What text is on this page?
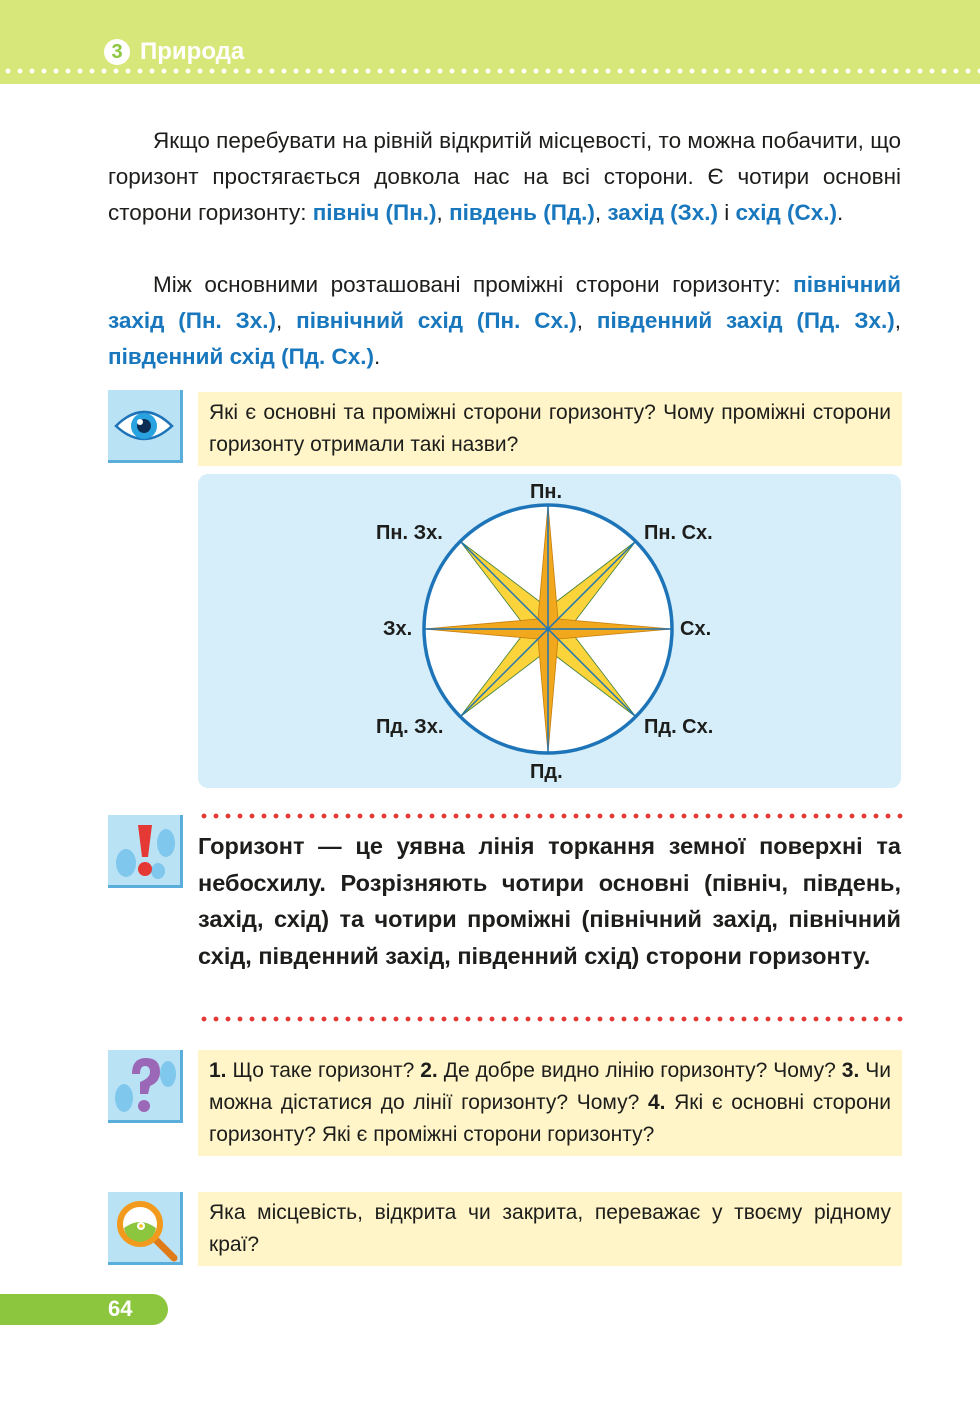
3 Природа

Якщо перебувати на рівній відкритій місцевості, то можна побачити, що горизонт простягається довкола нас на всі сторони. Є чотири основні сторони горизонту: північ (Пн.), південь (Пд.), захід (Зх.) і схід (Сх.).

Між основними розташовані проміжні сторони горизонту: північний захід (Пн. Зх.), північний схід (Пн. Сх.), південний захід (Пд. Зх.), південний схід (Пд. Сх.).

Які є основні та проміжні сторони горизонту? Чому проміжні сторони горизонту отримали такі назви?
Пн.
Пн. Сх.
Сх.
Пд. Сх.
Пд.
Пд. Зх.
Зх.
Пн. Зх.
Горизонт — це уявна лінія торкання земної поверхні та небосхилу. Розрізняють чотири основні (північ, південь, захід, схід) та чотири проміжні (північний захід, північний схід, південний захід, південний схід) сторони горизонту.
1. Що таке горизонт? 2. Де добре видно лінію горизонту? Чому? 3. Чи можна дістатися до лінії горизонту? Чому? 4. Які є основні сторони горизонту? Які є проміжні сторони горизонту?
Яка місцевість, відкрита чи закрита, переважає у твоєму рідному краї?
64
